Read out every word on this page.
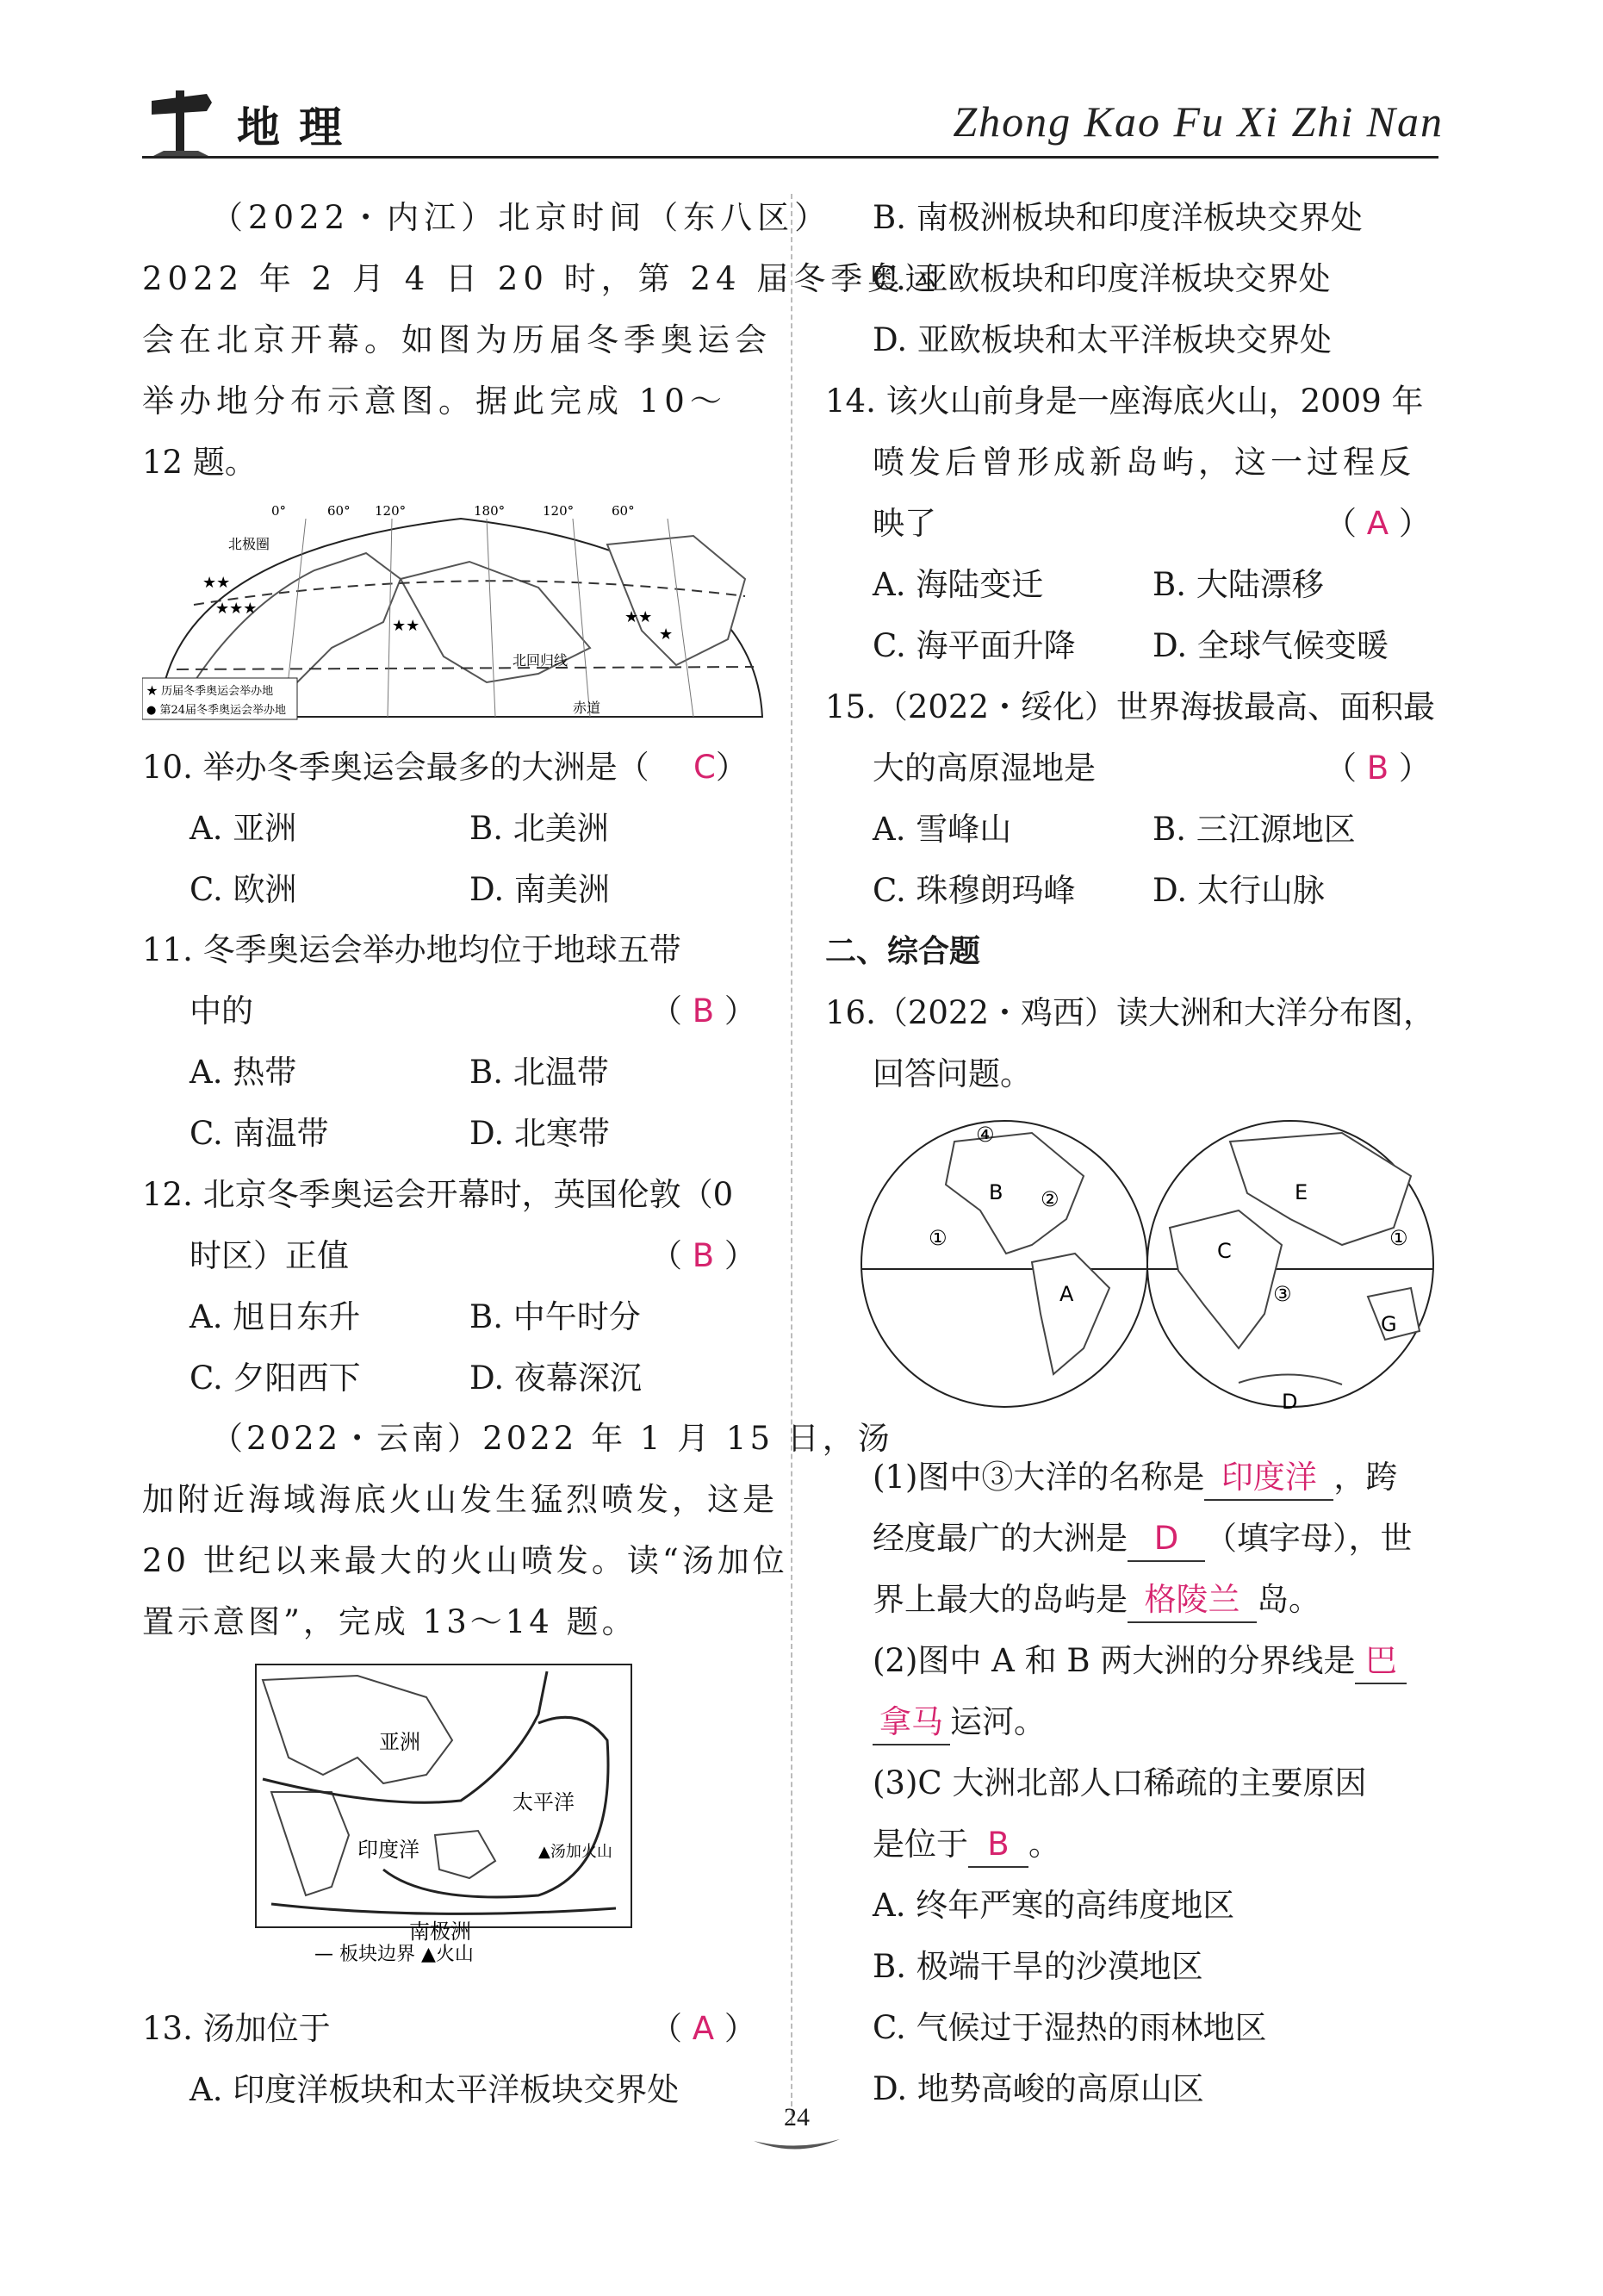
地理	Zhong Kao Fu Xi Zhi Nan
（2022・内江）北京时间（东八区）
2022 年 2 月 4 日 20 时，第 24 届冬季奥运
会在北京开幕。如图为历届冬季奥运会
举办地分布示意图。据此完成 10～
12 题。
0°	60° 120°	180°	120°	60°
北极圈
北回归线
赤道
★★
★★★
★★	★★
★
★ 历届冬季奥运会举办地
● 第24届冬季奥运会举办地
10. 举办冬季奥运会最多的大洲是（ C）
A. 亚洲	B. 北美洲
C. 欧洲	D. 南美洲
11. 冬季奥运会举办地均位于地球五带
中的	（ B ）
A. 热带	B. 北温带
C. 南温带	D. 北寒带
12. 北京冬季奥运会开幕时，英国伦敦（0
时区）正值	（ B ）
A. 旭日东升	B. 中午时分
C. 夕阳西下	D. 夜幕深沉
（2022・云南）2022 年 1 月 15 日，汤
加附近海域海底火山发生猛烈喷发，这是
20 世纪以来最大的火山喷发。读“汤加位
置示意图”，完成 13～14 题。
亚洲
太平洋
印度洋	▲汤加火山
南极洲
— 板块边界 ▲火山
13. 汤加位于	（ A ）
A. 印度洋板块和太平洋板块交界处
B. 南极洲板块和印度洋板块交界处
C. 亚欧板块和印度洋板块交界处
D. 亚欧板块和太平洋板块交界处
14. 该火山前身是一座海底火山，2009 年
喷发后曾形成新岛屿，这一过程反
映了	（ A ）
A. 海陆变迁	B. 大陆漂移
C. 海平面升降 D. 全球气候变暖
15.（2022・绥化）世界海拔最高、面积最
大的高原湿地是	（ B ）
A. 雪峰山	B. 三江源地区
C. 珠穆朗玛峰 D. 太行山脉
二、综合题
16.（2022・鸡西）读大洲和大洋分布图，
回答问题。
④
B ②
①
A
E
C
③
①
G
D
(1)图中③大洋的名称是 印度洋 ，跨
经度最广的大洲是 D （填字母），世
界上最大的岛屿是 格陵兰 岛。
(2)图中 A 和 B 两大洲的分界线是 巴
拿马 运河。
(3)C 大洲北部人口稀疏的主要原因
是位于 B 。
A. 终年严寒的高纬度地区
B. 极端干旱的沙漠地区
C. 气候过于湿热的雨林地区
D. 地势高峻的高原山区
24
